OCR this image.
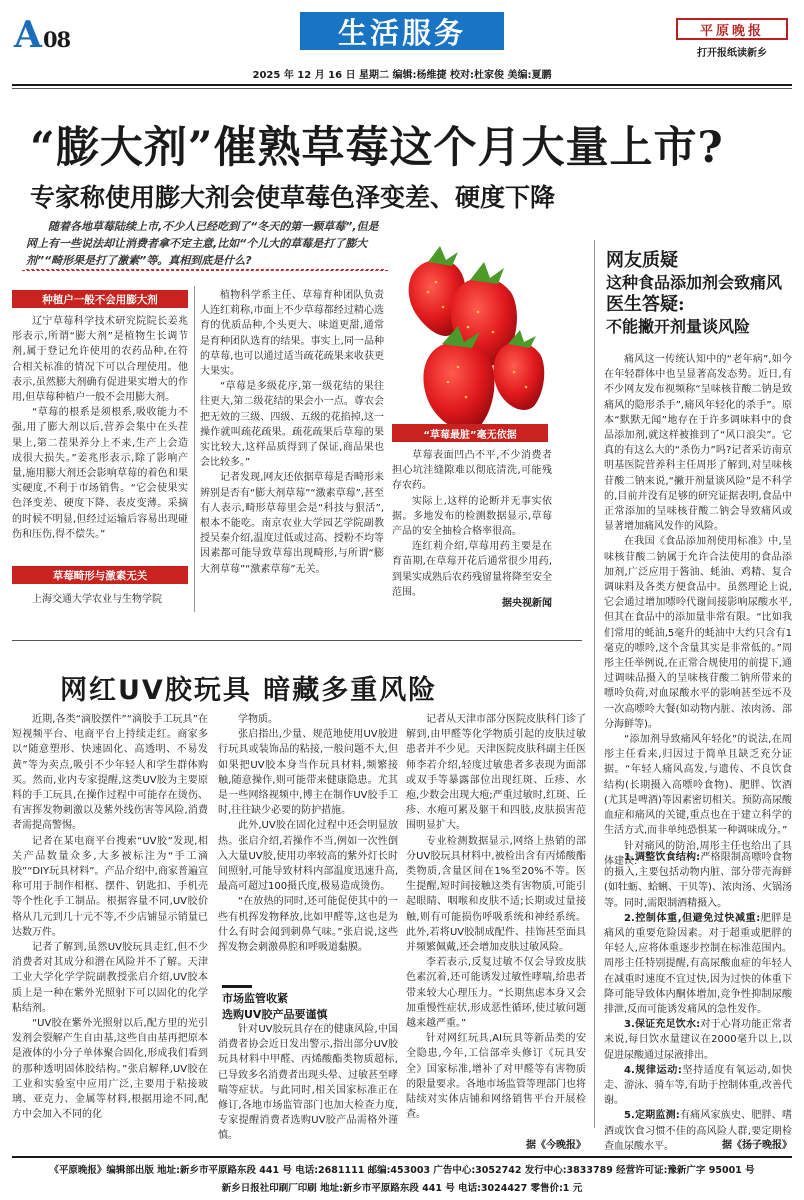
A08	生活服务	平原晚报
打开报纸读新乡
2025 年 12 月 16 日 星期二 编辑:杨维捷 校对:杜家俊 美编:夏鹏
“膨大剂”催熟草莓这个月大量上市?
专家称使用膨大剂会使草莓色泽变差、硬度下降

随着各地草莓陆续上市,不少人已经吃到了“冬天的第一颗草莓”,但是网上有一些说法却让消费者拿不定主意,比如“个儿大的草莓是打了膨大剂”“畸形果是打了激素”等。真相到底是什么?

种植户一般不会用膨大剂

辽宁草莓科学技术研究院院长姜兆彤表示,所谓“膨大剂”是植物生长调节剂,属于登记允许使用的农药品种,在符合相关标准的情况下可以合理使用。他表示,虽然膨大剂确有促进果实增大的作用,但草莓种植户一般不会用膨大剂。

“草莓的根系是须根系,吸收能力不强,用了膨大剂以后,营养会集中在头茬果上,第二茬果养分上不来,生产上会造成很大损失。”姜兆彤表示,除了影响产量,施用膨大剂还会影响草莓的着色和果实硬度,不利于市场销售。“它会使果实色泽变差、硬度下降、表皮变薄。采摘的时候不明显,但经过运输后容易出现碰伤和压伤,得不偿失。”

草莓畸形与激素无关

上海交通大学农业与生物学院

植物科学系主任、草莓育种团队负责人连红莉称,市面上不少草莓都经过精心选育的优质品种,个头更大、味道更甜,通常是育种团队选育的结果。事实上,同一品种的草莓,也可以通过适当疏花疏果来收获更大果实。

“草莓是多级花序,第一级花结的果往往更大,第二级花结的果会小一点。尊农会把无效的三级、四级、五级的花掐掉,这一操作就叫疏花疏果。疏花疏果后草莓的果实比较大,这样品质得到了保证,商品果也会比较多。”

记者发现,网友还依据草莓是否畸形来辨别是否有“膨大剂草莓”“激素草莓”,甚至有人表示,畸形草莓里会是“科技与狠活”,根本不能吃。南京农业大学园艺学院副教授吴秦介绍,温度过低或过高、授粉不均等因素都可能导致草莓出现畸形,与所谓“膨大剂草莓”“激素草莓”无关。

“草莓最脏”毫无依据

草莓表面凹凸不平,不少消费者担心坑洼缝隙难以彻底清洗,可能残存农药。

实际上,这样的论断并无事实依据。多地发布的检测数据显示,草莓产品的安全抽检合格率很高。

连红莉介绍,草莓用药主要是在育苗期,在草莓开花后通常很少用药,到果实成熟后农药残留量将降至安全范围。

据央视新闻
网友质疑
这种食品添加剂会致痛风
医生答疑:
不能撇开剂量谈风险

痛风这一传统认知中的“老年病”,如今在年轻群体中也呈显著高发态势。近日,有不少网友发布视频称“呈味核苷酸二钠是致痛风的隐形杀手”,痛风年轻化的杀手”。原本“默默无闻”地存在于许多调味料中的食品添加剂,就这样被推到了“风口浪尖”。它真的有这么大的“杀伤力”吗?记者采访南京明基医院营养科主任周彤了解到,对呈味核苷酸二钠来说,“撇开剂量谈风险”是不科学的,目前并没有足够的研究证据表明,食品中正常添加的呈味核苷酸二钠会导致痛风或显著增加痛风发作的风险。

在我国《食品添加剂使用标准》中,呈味核苷酸二钠属于允许合法使用的食品添加剂,广泛应用于酱油、蚝油、鸡精、复合调味料及各类方便食品中。虽然理论上说,它会通过增加嘌呤代谢间接影响尿酸水平,但其在食品中的添加量非常有限。“比如我们常用的蚝油,5毫升的蚝油中大约只含有1毫克的嘌呤,这个含量其实是非常低的。”周彤主任举例说,在正常合规使用的前提下,通过调味品摄入的呈味核苷酸二钠所带来的嘌呤负荷,对血尿酸水平的影响甚至远不及一次高嘌呤大餐(如动物内脏、浓肉汤、部分海鲜等)。

“添加剂导致痛风年轻化”的说法,在周彤主任看来,归因过于简单且缺乏充分证据。“年轻人痛风高发,与遗传、不良饮食结构(长期摄入高嘌呤食物)、肥胖、饮酒(尤其是啤酒)等因素密切相关。预防高尿酸血症和痛风的关键,重点也在于建立科学的生活方式,而非单纯恐惧某一种调味成分。”

针对痛风的防治,周彤主任也给出了具体建议:

1.调整饮食结构:严格限制高嘌呤食物的摄入,主要包括动物内脏、部分带壳海鲜(如牡蛎、蛤蜊、干贝等)、浓肉汤、火锅汤等。同时,需限制酒精摄入。

2.控制体重,但避免过快减重:肥胖是痛风的重要危险因素。对于超重或肥胖的年轻人,应将体重逐步控制在标准范围内。周彤主任特别提醒,有高尿酸血症的年轻人在减重时速度不宜过快,因为过快的体重下降可能导致体内酮体增加,竞争性抑制尿酸排泄,反而可能诱发痛风的急性发作。

3.保证充足饮水:对于心肾功能正常者来说,每日饮水量建议在2000毫升以上,以促进尿酸通过尿液排出。

4.规律运动:坚持适度有氧运动,如快走、游泳、骑车等,有助于控制体重,改善代谢。

5.定期监测:有痛风家族史、肥胖、嗜酒或饮食习惯不佳的高风险人群,要定期检查血尿酸水平。	据《扬子晚报》
网红UV胶玩具 暗藏多重风险

近期,各类“滴胶摆件”“滴胶手工玩具”在短视频平台、电商平台上持续走红。商家多以“随意塑形、快速固化、高透明、不易发黄”等为卖点,吸引不少年轻人和学生群体购买。然而,业内专家提醒,这类UV胶为主要原料的手工玩具,在操作过程中可能存在烫伤、有害挥发物刺激以及紫外线伤害等风险,消费者需提高警惕。

记者在某电商平台搜索“UV胶”发现,相关产品数量众多,大多被标注为“手工滴胶”“DIY玩具材料”。产品介绍中,商家普遍宣称可用于制作相框、摆件、钥匙扣、手机壳等个性化手工制品。根据容量不同,UV胶价格从几元到几十元不等,不少店铺显示销量已达数万件。

记者了解到,虽然UV胶玩具走红,但不少消费者对其成分和潜在风险并不了解。天津工业大学化学学院副教授张启介绍,UV胶本质上是一种在紫外光照射下可以固化的化学粘结剂。

“UV胶在紫外光照射以后,配方里的光引发剂会裂解产生自由基,这些自由基再把原本是液体的小分子单体聚合固化,形成我们看到的那种透明固体胶结构。”张启解释,UV胶在工业和实验室中应用广泛,主要用于粘接玻璃、亚克力、金属等材料,根据用途不同,配方中会加入不同的化

学物质。

张启指出,少量、规范地使用UV胶进行玩具或装饰品的粘接,一般问题不大,但如果把UV胶本身当作玩具材料,频繁接触,随意操作,则可能带来健康隐患。尤其是一些网络视频中,博主在制作UV胶手工时,往往缺少必要的防护措施。

此外,UV胶在固化过程中还会明显放热。张启介绍,若操作不当,例如一次性倒入大量UV胶,使用功率较高的紫外灯长时间照射,可能导致材料内部温度迅速升高,最高可超过100摄氏度,极易造成烫伤。

“在放热的同时,还可能促使其中的一些有机挥发物释放,比如甲醛等,这也是为什么有时会闻到刺鼻气味。”张启说,这些挥发物会刺激鼻腔和呼吸道黏膜。

市场监管收紧
选购UV胶产品要谨慎

针对UV胶玩具存在的健康风险,中国消费者协会近日发出警示,指出部分UV胶玩具材料中甲醛、丙烯酸酯类物质超标,已导致多名消费者出现头晕、过敏甚至哮喘等症状。与此同时,相关国家标准正在修订,各地市场监管部门也加大检查力度,专家提醒消费者选购UV胶产品需格外谨慎。

记者从天津市部分医院皮肤科门诊了解到,由甲醛等化学物质引起的皮肤过敏患者并不少见。天津医院皮肤科副主任医师李若介绍,轻度过敏患者多表现为面部或双手等暴露部位出现红斑、丘疹、水疱,少数会出现大疱;严重过敏时,红斑、丘疹、水疱可累及躯干和四肢,皮肤损害范围明显扩大。

专业检测数据显示,网络上热销的部分UV胶玩具材料中,被检出含有丙烯酸酯类物质,含量区间在1%至20%不等。医生提醒,短时间接触这类有害物质,可能引起眼睛、咽喉和皮肤不适;长期或过量接触,则有可能损伤呼吸系统和神经系统。此外,若将UV胶制成配件、挂饰甚至面具并频繁佩戴,还会增加皮肤过敏风险。

李若表示,反复过敏不仅会导致皮肤色素沉着,还可能诱发过敏性哮喘,给患者带来较大心理压力。“长期焦虑本身又会加重慢性症状,形成恶性循环,使过敏问题越来越严重。”

针对网红玩具,AI玩具等新品类的安全隐患,今年,工信部牵头修订《玩具安全》国家标准,增补了对甲醛等有害物质的限量要求。各地市场监管等理部门也将陆续对实体店铺和网络销售平台开展检查。

据《今晚报》
《平原晚报》编辑部出版 地址:新乡市平原路东段 441 号 电话:2681111 邮编:453003 广告中心:3052742 发行中心:3833789 经营许可证:豫新广字 95001 号
新乡日报社印刷厂印刷 地址:新乡市平原路东段 441 号 电话:3024427 零售价:1 元
